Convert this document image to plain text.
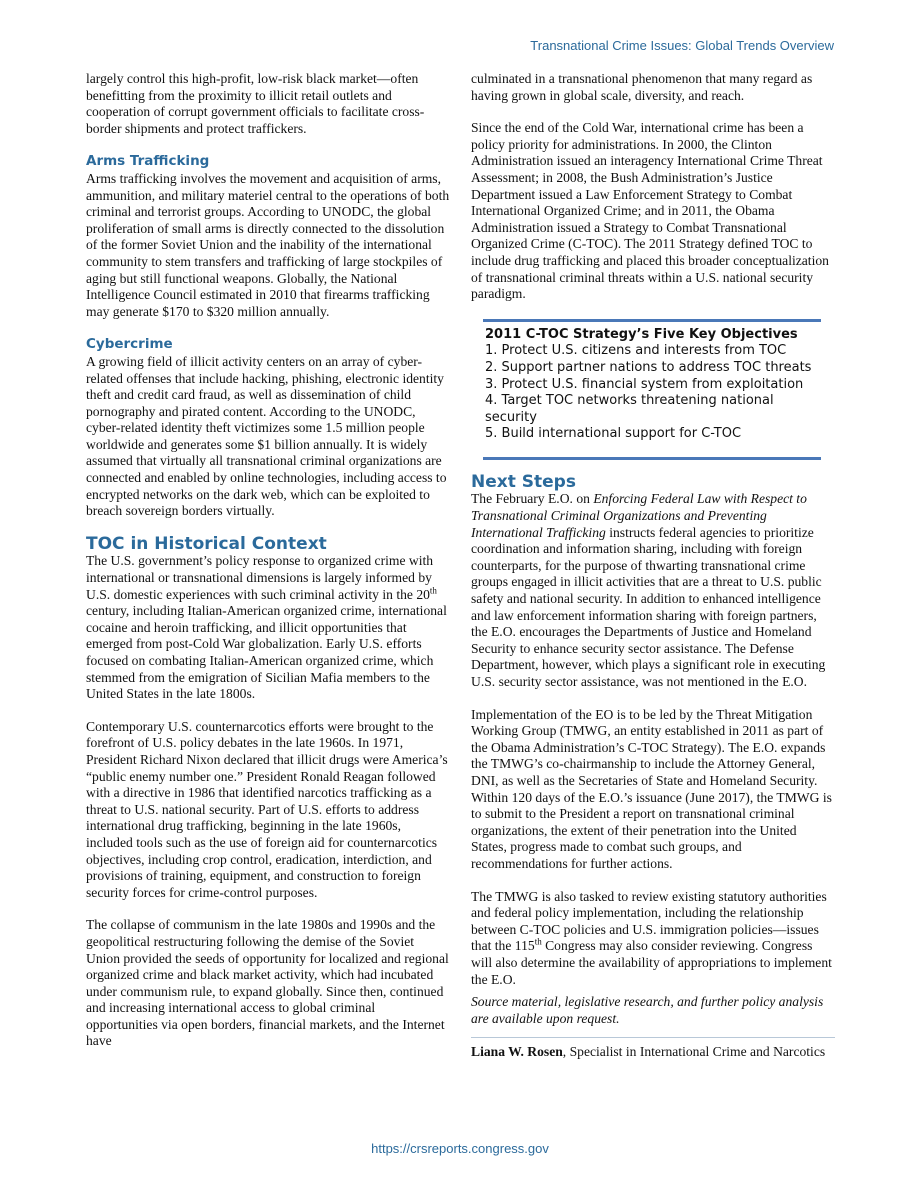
Transnational Crime Issues: Global Trends Overview

largely control this high-profit, low-risk black market—often benefitting from the proximity to illicit retail outlets and cooperation of corrupt government officials to facilitate cross-border shipments and protect traffickers.

Arms Trafficking

Arms trafficking involves the movement and acquisition of arms, ammunition, and military materiel central to the operations of both criminal and terrorist groups. According to UNODC, the global proliferation of small arms is directly connected to the dissolution of the former Soviet Union and the inability of the international community to stem transfers and trafficking of large stockpiles of aging but still functional weapons. Globally, the National Intelligence Council estimated in 2010 that firearms trafficking may generate $170 to $320 million annually.

Cybercrime

A growing field of illicit activity centers on an array of cyber-related offenses that include hacking, phishing, electronic identity theft and credit card fraud, as well as dissemination of child pornography and pirated content. According to the UNODC, cyber-related identity theft victimizes some 1.5 million people worldwide and generates some $1 billion annually. It is widely assumed that virtually all transnational criminal organizations are connected and enabled by online technologies, including access to encrypted networks on the dark web, which can be exploited to breach sovereign borders virtually.

TOC in Historical Context

The U.S. government’s policy response to organized crime with international or transnational dimensions is largely informed by U.S. domestic experiences with such criminal activity in the 20th century, including Italian-American organized crime, international cocaine and heroin trafficking, and illicit opportunities that emerged from post-Cold War globalization. Early U.S. efforts focused on combating Italian-American organized crime, which stemmed from the emigration of Sicilian Mafia members to the United States in the late 1800s.

Contemporary U.S. counternarcotics efforts were brought to the forefront of U.S. policy debates in the late 1960s. In 1971, President Richard Nixon declared that illicit drugs were America’s “public enemy number one.” President Ronald Reagan followed with a directive in 1986 that identified narcotics trafficking as a threat to U.S. national security. Part of U.S. efforts to address international drug trafficking, beginning in the late 1960s, included tools such as the use of foreign aid for counternarcotics objectives, including crop control, eradication, interdiction, and provisions of training, equipment, and construction to foreign security forces for crime-control purposes.

The collapse of communism in the late 1980s and 1990s and the geopolitical restructuring following the demise of the Soviet Union provided the seeds of opportunity for localized and regional organized crime and black market activity, which had incubated under communism rule, to expand globally. Since then, continued and increasing international access to global criminal opportunities via open borders, financial markets, and the Internet have

culminated in a transnational phenomenon that many regard as having grown in global scale, diversity, and reach.

Since the end of the Cold War, international crime has been a policy priority for administrations. In 2000, the Clinton Administration issued an interagency International Crime Threat Assessment; in 2008, the Bush Administration’s Justice Department issued a Law Enforcement Strategy to Combat International Organized Crime; and in 2011, the Obama Administration issued a Strategy to Combat Transnational Organized Crime (C-TOC). The 2011 Strategy defined TOC to include drug trafficking and placed this broader conceptualization of transnational criminal threats within a U.S. national security paradigm.

2011 C-TOC Strategy’s Five Key Objectives
1. Protect U.S. citizens and interests from TOC
2. Support partner nations to address TOC threats
3. Protect U.S. financial system from exploitation
4. Target TOC networks threatening national security
5. Build international support for C-TOC
Next Steps

The February E.O. on Enforcing Federal Law with Respect to Transnational Criminal Organizations and Preventing International Trafficking instructs federal agencies to prioritize coordination and information sharing, including with foreign counterparts, for the purpose of thwarting transnational crime groups engaged in illicit activities that are a threat to U.S. public safety and national security. In addition to enhanced intelligence and law enforcement information sharing with foreign partners, the E.O. encourages the Departments of Justice and Homeland Security to enhance security sector assistance. The Defense Department, however, which plays a significant role in executing U.S. security sector assistance, was not mentioned in the E.O.

Implementation of the EO is to be led by the Threat Mitigation Working Group (TMWG, an entity established in 2011 as part of the Obama Administration’s C-TOC Strategy). The E.O. expands the TMWG’s co-chairmanship to include the Attorney General, DNI, as well as the Secretaries of State and Homeland Security. Within 120 days of the E.O.’s issuance (June 2017), the TMWG is to submit to the President a report on transnational criminal organizations, the extent of their penetration into the United States, progress made to combat such groups, and recommendations for further actions.

The TMWG is also tasked to review existing statutory authorities and federal policy implementation, including the relationship between C-TOC policies and U.S. immigration policies—issues that the 115th Congress may also consider reviewing. Congress will also determine the availability of appropriations to implement the E.O.

Source material, legislative research, and further policy analysis are available upon request.

Liana W. Rosen, Specialist in International Crime and Narcotics
https://crsreports.congress.gov
